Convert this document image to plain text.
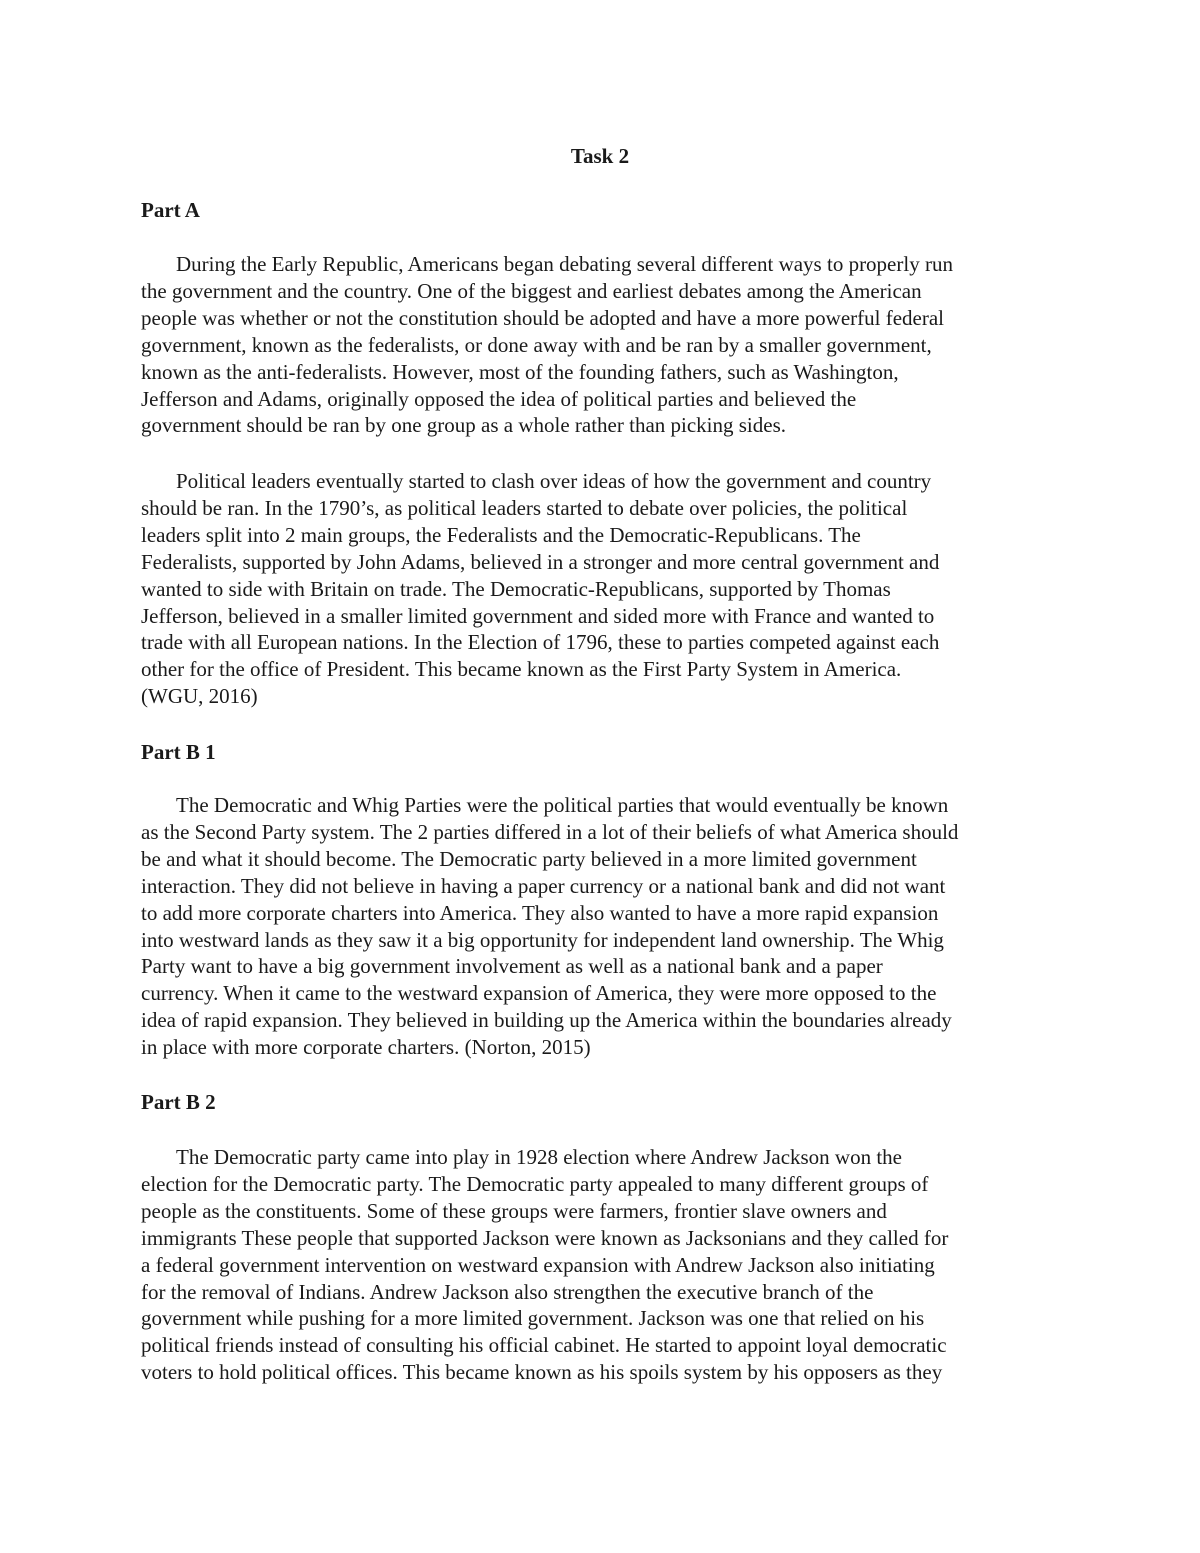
Task 2
Part A

During the Early Republic, Americans began debating several different ways to properly run
the government and the country. One of the biggest and earliest debates among the American
people was whether or not the constitution should be adopted and have a more powerful federal
government, known as the federalists, or done away with and be ran by a smaller government,
known as the anti-federalists. However, most of the founding fathers, such as Washington,
Jefferson and Adams, originally opposed the idea of political parties and believed the
government should be ran by one group as a whole rather than picking sides.

Political leaders eventually started to clash over ideas of how the government and country
should be ran. In the 1790’s, as political leaders started to debate over policies, the political
leaders split into 2 main groups, the Federalists and the Democratic-Republicans. The
Federalists, supported by John Adams, believed in a stronger and more central government and
wanted to side with Britain on trade. The Democratic-Republicans, supported by Thomas
Jefferson, believed in a smaller limited government and sided more with France and wanted to
trade with all European nations. In the Election of 1796, these to parties competed against each
other for the office of President. This became known as the First Party System in America.
(WGU, 2016)

Part B 1

The Democratic and Whig Parties were the political parties that would eventually be known
as the Second Party system. The 2 parties differed in a lot of their beliefs of what America should
be and what it should become. The Democratic party believed in a more limited government
interaction. They did not believe in having a paper currency or a national bank and did not want
to add more corporate charters into America. They also wanted to have a more rapid expansion
into westward lands as they saw it a big opportunity for independent land ownership. The Whig
Party want to have a big government involvement as well as a national bank and a paper
currency. When it came to the westward expansion of America, they were more opposed to the
idea of rapid expansion. They believed in building up the America within the boundaries already
in place with more corporate charters. (Norton, 2015)

Part B 2

The Democratic party came into play in 1928 election where Andrew Jackson won the
election for the Democratic party. The Democratic party appealed to many different groups of
people as the constituents. Some of these groups were farmers, frontier slave owners and
immigrants These people that supported Jackson were known as Jacksonians and they called for
a federal government intervention on westward expansion with Andrew Jackson also initiating
for the removal of Indians. Andrew Jackson also strengthen the executive branch of the
government while pushing for a more limited government. Jackson was one that relied on his
political friends instead of consulting his official cabinet. He started to appoint loyal democratic
voters to hold political offices. This became known as his spoils system by his opposers as they
